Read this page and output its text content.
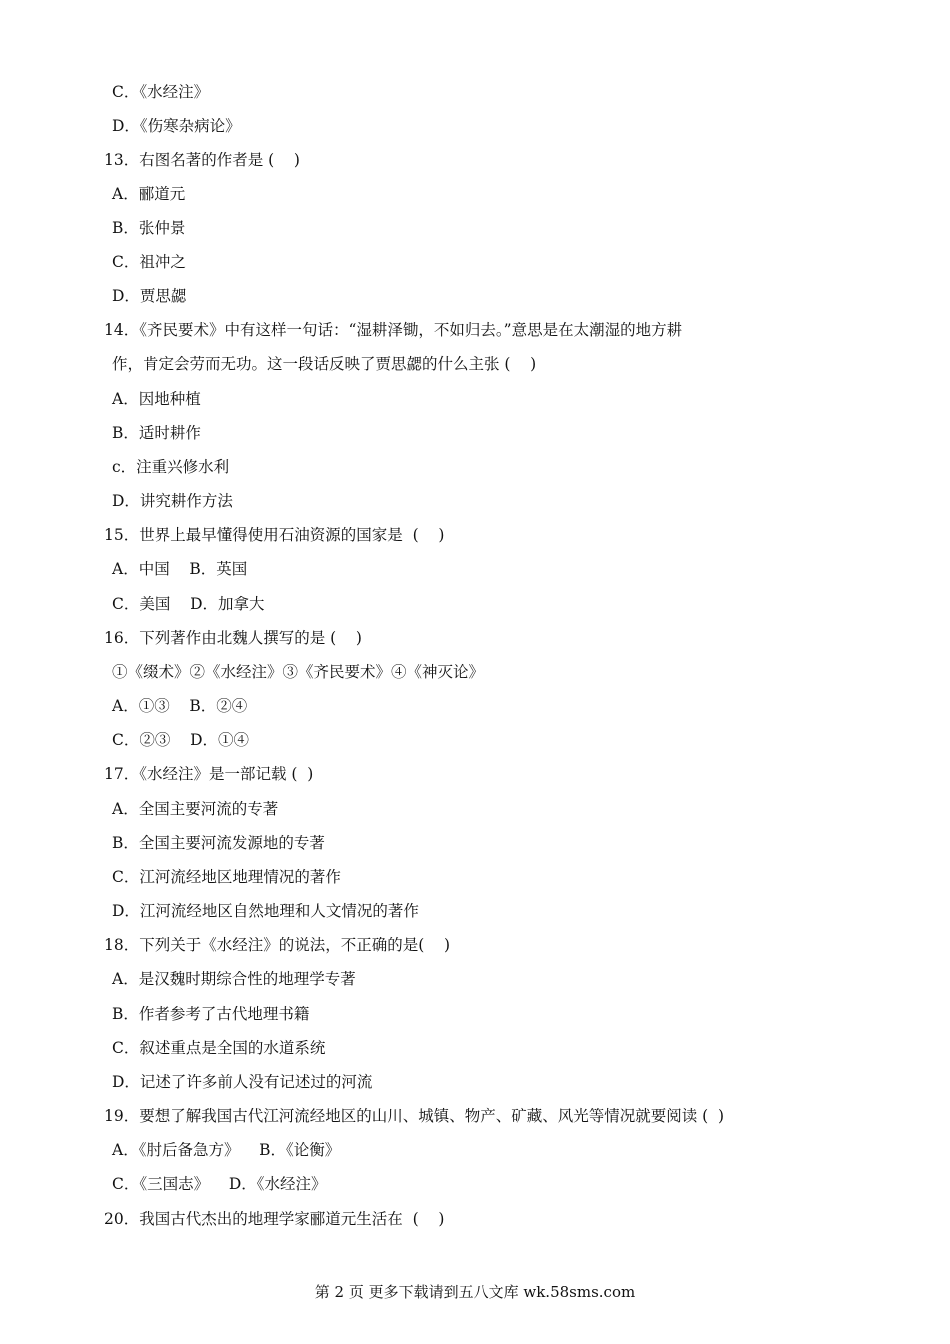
C．《水经注》
D．《伤寒杂病论》
13．右图名著的作者是 (    )
A．郦道元
B．张仲景
C．祖冲之
D．贾思勰
14．《齐民要术》中有这样一句话：“湿耕泽锄，不如归去。”意思是在太潮湿的地方耕
作，肯定会劳而无功。这一段话反映了贾思勰的什么主张 (    )
A．因地种植
B．适时耕作
c．注重兴修水利
D．讲究耕作方法
15．世界上最早懂得使用石油资源的国家是  (    )
A．中国    B．英国
C．美国    D．加拿大
16．下列著作由北魏人撰写的是 (    )
①《缀术》②《水经注》③《齐民要术》④《神灭论》
A．①③    B．②④
C．②③    D．①④
17．《水经注》是一部记载 (  )
A．全国主要河流的专著
B．全国主要河流发源地的专著
C．江河流经地区地理情况的著作
D．江河流经地区自然地理和人文情况的著作
18．下列关于《水经注》的说法，不正确的是(    )
A．是汉魏时期综合性的地理学专著
B．作者参考了古代地理书籍
C．叙述重点是全国的水道系统
D．记述了许多前人没有记述过的河流
19．要想了解我国古代江河流经地区的山川、城镇、物产、矿藏、风光等情况就要阅读 (  )
A．《肘后备急方》    B．《论衡》
C．《三国志》    D．《水经注》
20．我国古代杰出的地理学家郦道元生活在  (    )
第 2 页 更多下载请到五八文库 wk.58sms.com
